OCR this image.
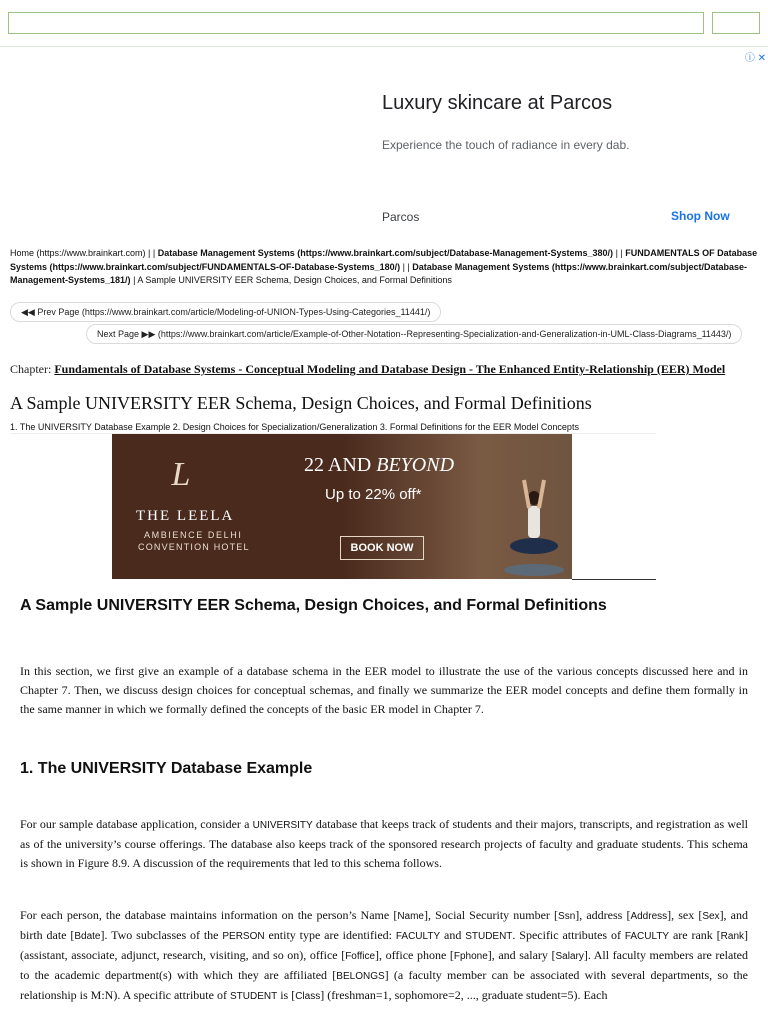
ⓘ ✕
Luxury skincare at Parcos
Experience the touch of radiance in every dab.
Parcos	Shop Now
Home (https://www.brainkart.com) | | Database Management Systems (https://www.brainkart.com/subject/Database-Management-Systems_380/) | | FUNDAMENTALS OF Database Systems (https://www.brainkart.com/subject/FUNDAMENTALS-OF-Database-Systems_180/) | | Database Management Systems (https://www.brainkart.com/subject/Database-Management-Systems_181/) | A Sample UNIVERSITY EER Schema, Design Choices, and Formal Definitions
◀◀ Prev Page (https://www.brainkart.com/article/Modeling-of-UNION-Types-Using-Categories_11441/)
Next Page ▶▶ (https://www.brainkart.com/article/Example-of-Other-Notation--Representing-Specialization-and-Generalization-in-UML-Class-Diagrams_11443/)
Chapter: Fundamentals of Database Systems - Conceptual Modeling and Database Design - The Enhanced Entity-Relationship (EER) Model
A Sample UNIVERSITY EER Schema, Design Choices, and Formal Definitions
1. The UNIVERSITY Database Example 2. Design Choices for Specialization/Generalization 3. Formal Definitions for the EER Model Concepts
L
THE LEELA
AMBIENCE DELHI
CONVENTION HOTEL
22 AND BEYOND
Up to 22% off*
BOOK NOW
A Sample UNIVERSITY EER Schema, Design Choices, and Formal Definitions
In this section, we first give an example of a database schema in the EER model to illustrate the use of the various concepts discussed here and in Chapter 7. Then, we discuss design choices for conceptual schemas, and finally we summarize the EER model concepts and define them formally in the same manner in which we formally defined the concepts of the basic ER model in Chapter 7.
1. The UNIVERSITY Database Example
For our sample database application, consider a UNIVERSITY database that keeps track of students and their majors, transcripts, and registration as well as of the university’s course offerings. The database also keeps track of the sponsored research projects of faculty and graduate students. This schema is shown in Figure 8.9. A discussion of the requirements that led to this schema follows.
For each person, the database maintains information on the person’s Name [Name], Social Security number [Ssn], address [Address], sex [Sex], and birth date [Bdate]. Two subclasses of the PERSON entity type are identified: FACULTY and STUDENT. Specific attributes of FACULTY are rank [Rank] (assistant, associate, adjunct, research, visiting, and so on), office [Foffice], office phone [Fphone], and salary [Salary]. All faculty members are related to the academic department(s) with which they are affiliated [BELONGS] (a faculty member can be associated with several departments, so the relationship is M:N). A specific attribute of STUDENT is [Class] (freshman=1, sophomore=2, ..., graduate student=5). Each
